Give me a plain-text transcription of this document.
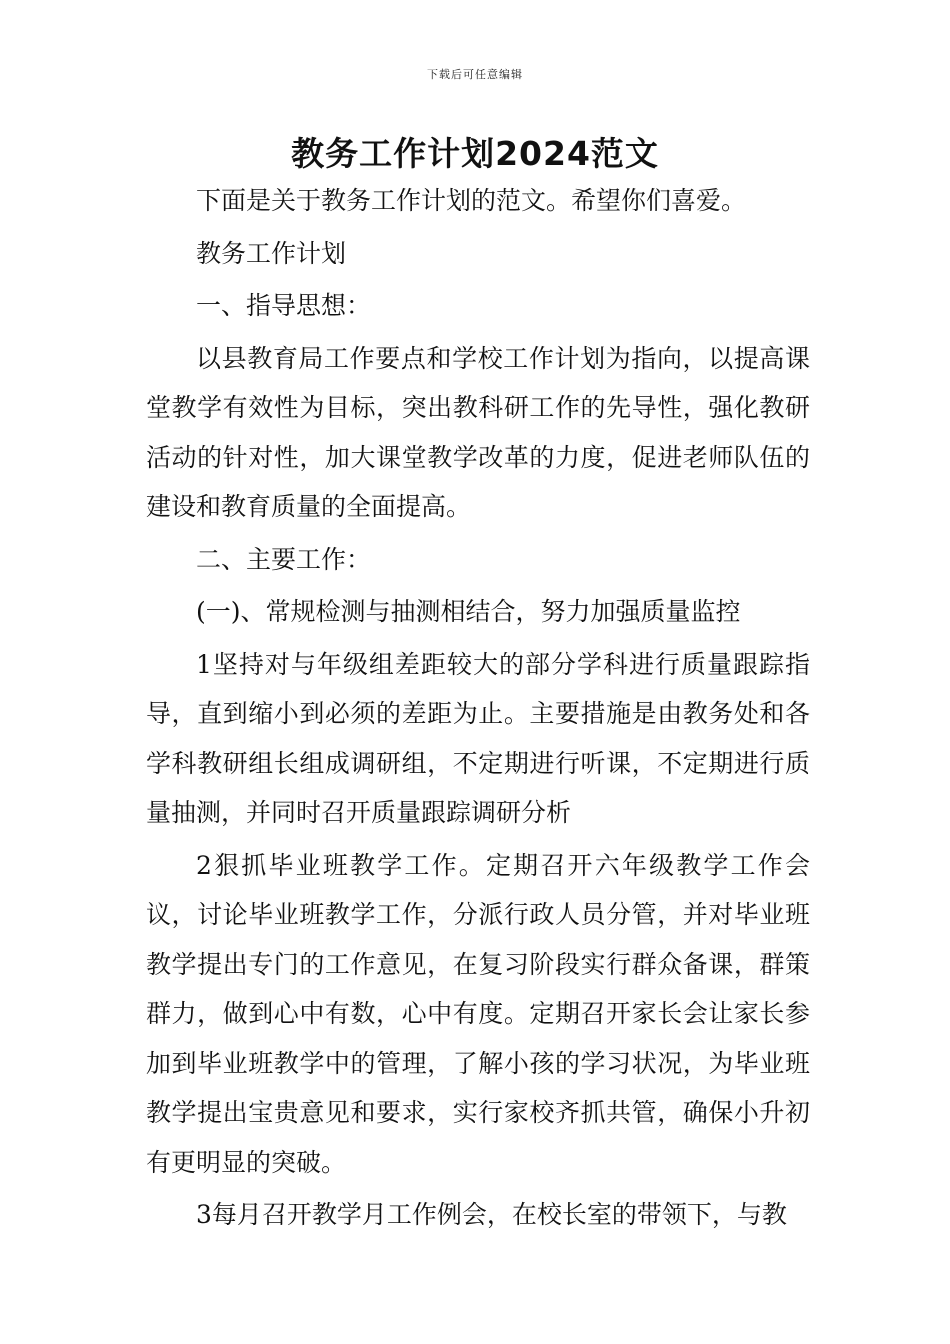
下载后可任意编辑
教务工作计划2024范文

下面是关于教务工作计划的范文。希望你们喜爱。

教务工作计划

一、指导思想：

以县教育局工作要点和学校工作计划为指向，以提高课堂教学有效性为目标，突出教科研工作的先导性，强化教研活动的针对性，加大课堂教学改革的力度，促进老师队伍的建设和教育质量的全面提高。

二、主要工作：

(一)、常规检测与抽测相结合，努力加强质量监控

1坚持对与年级组差距较大的部分学科进行质量跟踪指导，直到缩小到必须的差距为止。主要措施是由教务处和各学科教研组长组成调研组，不定期进行听课，不定期进行质量抽测，并同时召开质量跟踪调研分析

2狠抓毕业班教学工作。定期召开六年级教学工作会议，讨论毕业班教学工作，分派行政人员分管，并对毕业班教学提出专门的工作意见，在复习阶段实行群众备课，群策群力，做到心中有数，心中有度。定期召开家长会让家长参加到毕业班教学中的管理，了解小孩的学习状况，为毕业班教学提出宝贵意见和要求，实行家校齐抓共管，确保小升初有更明显的突破。

3每月召开教学月工作例会，在校长室的带领下，与教
